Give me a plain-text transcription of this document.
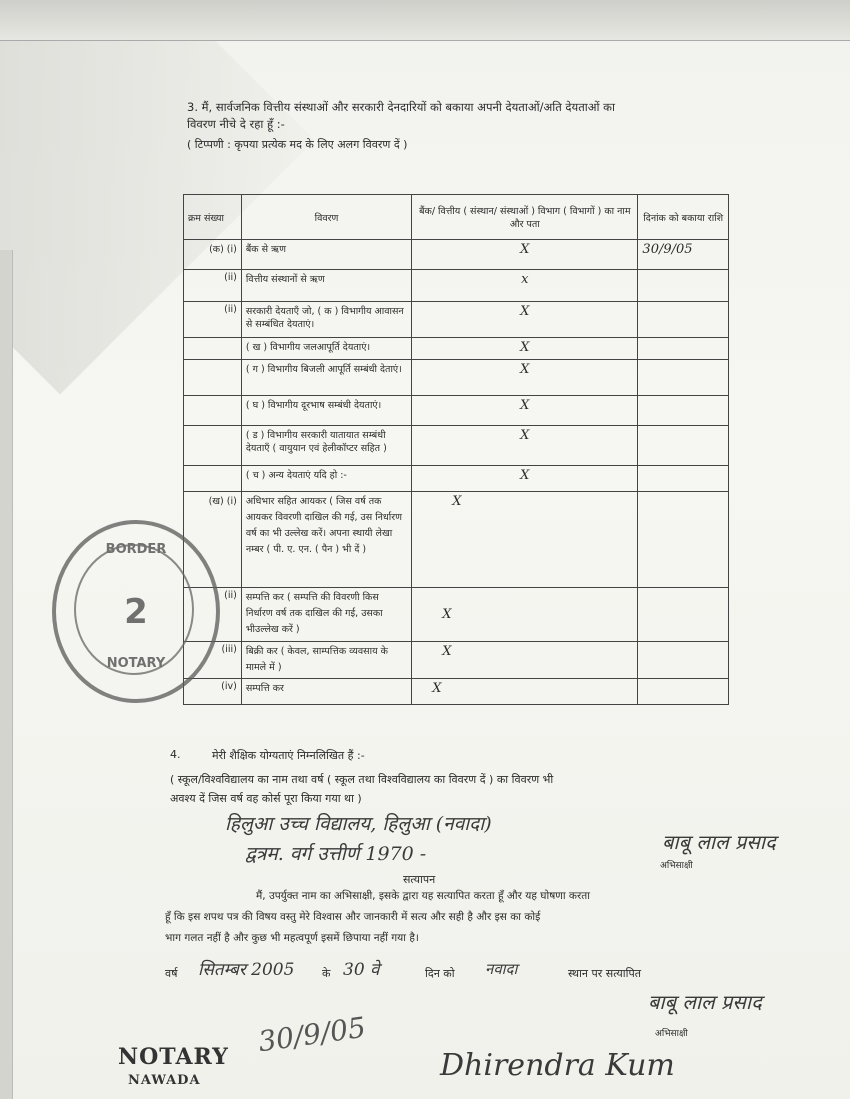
3. मैं, सार्वजनिक वित्तीय संस्थाओं और सरकारी देनदारियों को बकाया अपनी देयताओं/अति देयताओं का
विवरण नीचे दे रहा हूँ :-
( टिप्पणी : कृपया प्रत्येक मद के लिए अलग विवरण दें )
क्रम संख्या	विवरण	बैंक/ वित्तीय ( संस्थान/ संस्थाओं ) विभाग ( विभागों ) का नाम और पता	दिनांक को बकाया राशि
(क) (i)	बैंक से ऋण	X	30/9/05
(ii)	वित्तीय संस्थानों से ऋण	x	
(ii)	सरकारी देयताएँ जो, ( क ) विभागीय आवासन से सम्बंधित देयताएं।	X	
	( ख ) विभागीय जलआपूर्ति देयताएं।	X	
	( ग ) विभागीय बिजली आपूर्ति सम्बंधी देताएं।	X	
	( घ ) विभागीय दूरभाष सम्बंधी देयताएं।	X	
	( ड ) विभागीय सरकारी यातायात सम्बंधी देयताएँ ( वायुयान एवं हेलीकॉप्टर सहित )	X	
	( च ) अन्य देयताएं यदि हो :-	X	
(ख) (i)	अधिभार सहित आयकर ( जिस वर्ष तक आयकर विवरणी दाखिल की गई, उस निर्धारण वर्ष का भी उल्लेख करें। अपना स्थायी लेखा नम्बर ( पी. ए. एन. ( पैन ) भी दें )	X	
(ii)	सम्पत्ति कर ( सम्पत्ति की विवरणी किस निर्धारण वर्ष तक दाखिल की गई, उसका भीउल्लेख करें )	X	
(iii)	बिक्री कर ( केवल, साम्पत्तिक व्यवसाय के मामले में )	X	
(iv)	सम्पत्ति कर	X	
BORDER
2
NOTARY
4.	मेरी शैक्षिक योग्यताएं निम्नलिखित हैं :-
( स्कूल/विश्वविद्यालय का नाम तथा वर्ष ( स्कूल तथा विश्वविद्यालय का विवरण दें ) का विवरण भी
अवश्य दें जिस वर्ष वह कोर्स पूरा किया गया था )
हिलुआ उच्च विद्यालय, हिलुआ (नवादा)
द्वत्रम. वर्ग उत्तीर्ण 1970 -	बाबू लाल प्रसाद
अभिसाक्षी
सत्यापन
मैं, उपर्युक्त नाम का अभिसाक्षी, इसके द्वारा यह सत्यापित करता हूँ और यह घोषणा करता
हूँ कि इस शपथ पत्र की विषय वस्तु मेरे विश्वास और जानकारी में सत्य और सही है और इस का कोई
भाग गलत नहीं है और कुछ भी महत्वपूर्ण इसमें छिपाया नहीं गया है।
वर्ष सितम्बर 2005	के 30 वे	दिन को नवादा	स्थान पर सत्यापित
बाबू लाल प्रसाद
अभिसाक्षी
30/9/05
NOTARY
NAWADA	Dhirendra Kum
